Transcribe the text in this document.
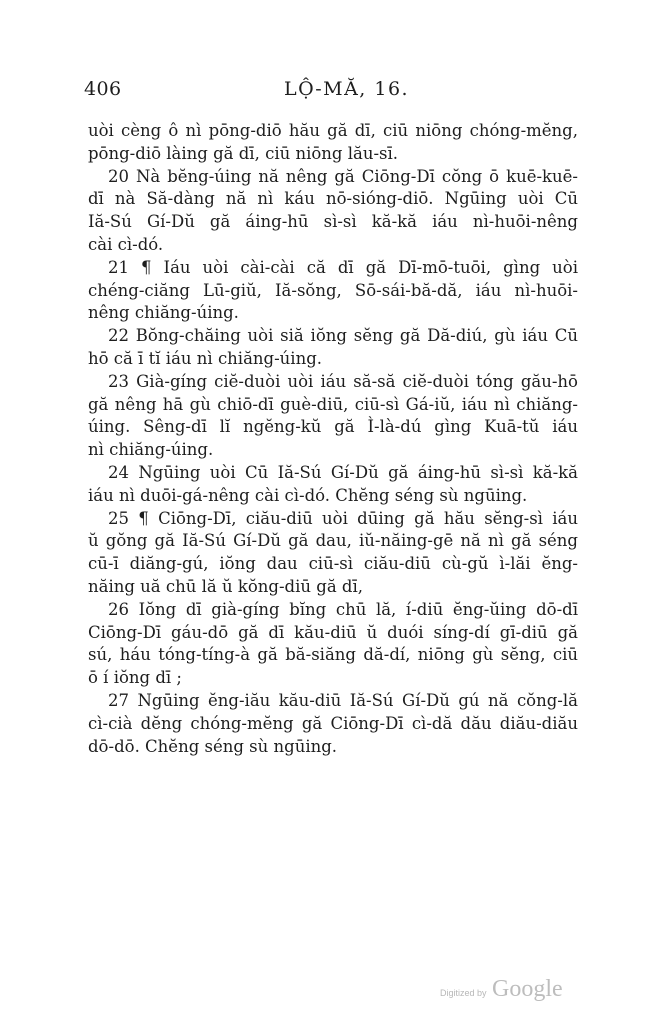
406	LỘ-MĂ, 16.
uòi cèng ô nì pōng-diō hău gă dī, ciū niōng chóng-mĕng,
pōng-diō làing gă dī, ciū niōng lău-sī.
20 Nà bĕng-úing nă nêng gă Ciōng-Dī cŏng ō kuē-kuē-
dī nà Să-dàng nă nì káu nō-sióng-diō. Ngūing uòi Cū
Iă-Sú Gí-Dŭ gă áing-hū sì-sì kă-kă iáu nì-huōi-nêng
cài cì-dó.
21 ¶ Iáu uòi cài-cài că dī gă Dī-mō-tuōi, gìng uòi
chéng-ciăng Lū-giŭ, Iă-sŏng, Sō-sái-bă-dă, iáu nì-huōi-
nêng chiăng-úing.
22 Bŏng-chăing uòi siă iŏng sĕng gă Dă-diú, gù iáu Cū
hō că ī tĭ iáu nì chiăng-úing.
23 Già-gíng ciĕ-duòi uòi iáu să-să ciĕ-duòi tóng gău-hō
gă nêng hā gù chiō-dī guè-diū, ciū-sì Gá-iŭ, iáu nì chiăng-
úing. Sêng-dī lĭ ngĕng-kŭ gă Ì-là-dú gìng Kuā-tŭ iáu
nì chiăng-úing.
24 Ngūing uòi Cū Iă-Sú Gí-Dŭ gă áing-hū sì-sì kă-kă
iáu nì duōi-gá-nêng cài cì-dó. Chĕng séng sù ngūing.
25 ¶ Ciōng-Dī, ciău-diū uòi dūing gă hău sĕng-sì iáu
ŭ gŏng gă Iă-Sú Gí-Dŭ gă dau, iŭ-năing-gē nă nì gă séng
cū-ī diăng-gú, iŏng dau ciū-sì ciău-diū cù-gŭ ì-lăi ĕng-
năing uă chū lă ŭ kŏng-diū gă dī,
26 Iŏng dī già-gíng bĭng chū lă, í-diū ĕng-ŭing dō-dī
Ciōng-Dī gáu-dō gă dī kău-diū ŭ duói síng-dí gī-diū gă
sú, háu tóng-tíng-à gă bă-siăng dă-dí, niōng gù sĕng, ciū
ō í iŏng dī ;
27 Ngūing ĕng-iău kău-diū Iă-Sú Gí-Dŭ gú nă cŏng-lă
cì-cià dĕng chóng-mĕng gă Ciōng-Dī cì-dă dău diău-diău
dō-dō. Chĕng séng sù ngūing.
Digitized by Google
